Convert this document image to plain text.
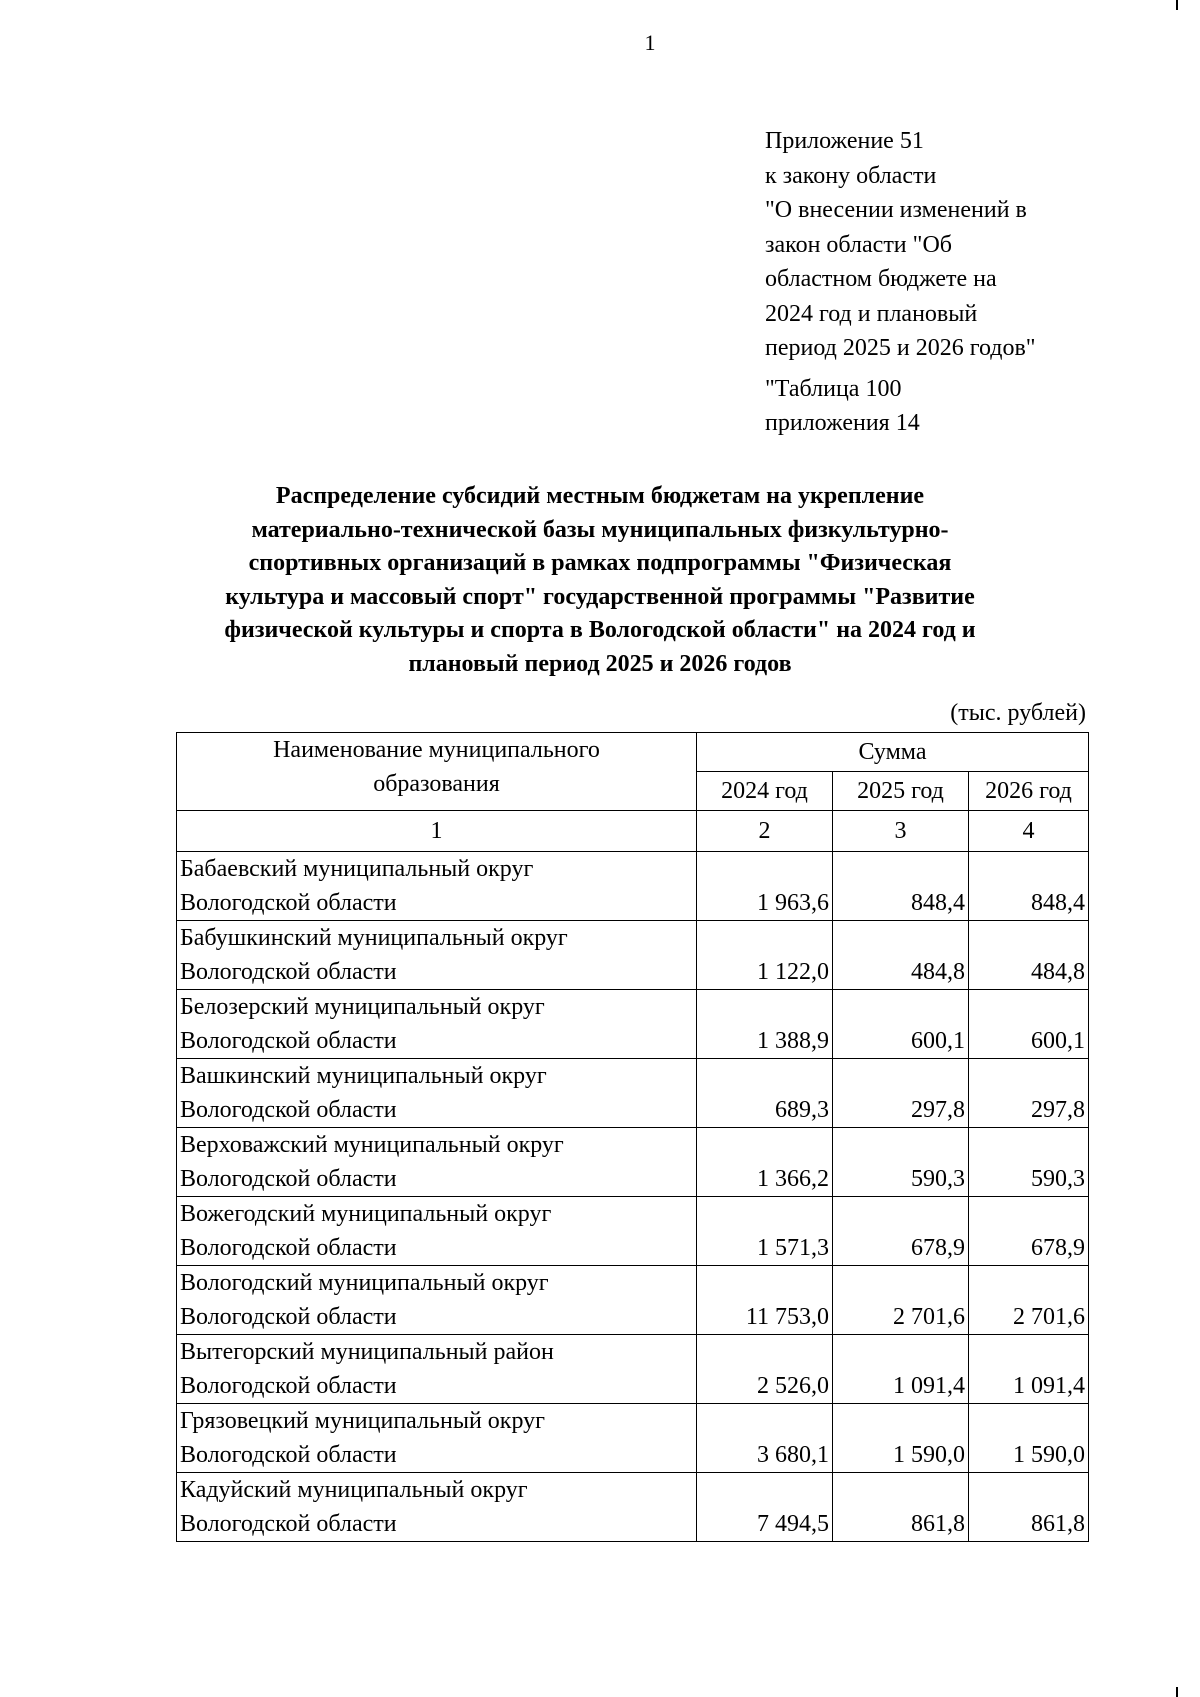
1
Приложение 51
к закону области
"О внесении изменений в
закон области "Об
областном бюджете на
2024 год и плановый
период 2025 и 2026 годов"
"Таблица 100
приложения 14
Распределение субсидий местным бюджетам на укрепление
материально-технической базы муниципальных физкультурно-
спортивных организаций в рамках подпрограммы "Физическая
культура и массовый спорт" государственной программы "Развитие
физической культуры и спорта в Вологодской области" на 2024 год и
плановый период 2025 и 2026 годов
(тыс. рублей)
Наименование муниципального
образования	Сумма		
	2024 год	2025 год	2026 год
1	2	3	4
Бабаевский муниципальный округ
Вологодской области	1 963,6	848,4	848,4
Бабушкинский муниципальный округ
Вологодской области	1 122,0	484,8	484,8
Белозерский муниципальный округ
Вологодской области	1 388,9	600,1	600,1
Вашкинский муниципальный округ
Вологодской области	689,3	297,8	297,8
Верховажский муниципальный округ
Вологодской области	1 366,2	590,3	590,3
Вожегодский муниципальный округ
Вологодской области	1 571,3	678,9	678,9
Вологодский муниципальный округ
Вологодской области	11 753,0	2 701,6	2 701,6
Вытегорский муниципальный район
Вологодской области	2 526,0	1 091,4	1 091,4
Грязовецкий муниципальный округ
Вологодской области	3 680,1	1 590,0	1 590,0
Кадуйский муниципальный округ
Вологодской области	7 494,5	861,8	861,8
